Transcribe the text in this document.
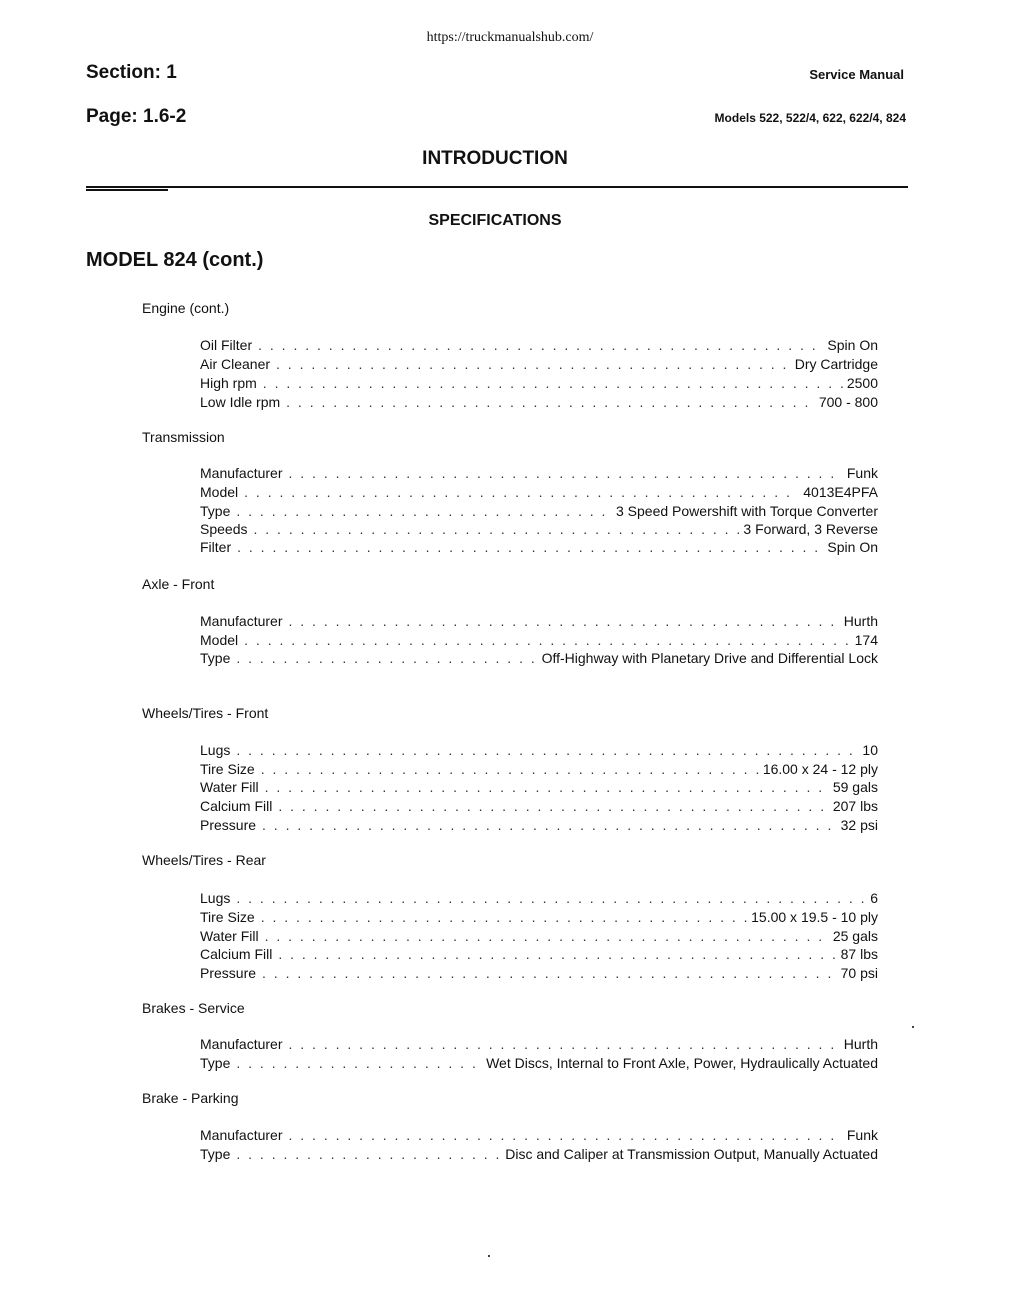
https://truckmanualshub.com/
Section: 1
Page: 1.6-2
Service Manual
Models 522, 522/4, 622, 622/4, 824
INTRODUCTION
SPECIFICATIONS
MODEL 824 (cont.)
Engine (cont.)
Oil Filter . . .	Spin On
Air Cleaner . . .	Dry Cartridge
High rpm . . .	2500
Low Idle rpm . . .	700 - 800
Transmission
Manufacturer . . .	Funk
Model . . .	4013E4PFA
Type . . .	3 Speed Powershift with Torque Converter
Speeds . . .	3 Forward, 3 Reverse
Filter . . .	Spin On
Axle - Front
Manufacturer . . .	Hurth
Model . . .	174
Type . . .	Off-Highway with Planetary Drive and Differential Lock
Wheels/Tires - Front
Lugs . . .	10
Tire Size . . .	16.00 x 24 - 12 ply
Water Fill . . .	59 gals
Calcium Fill . . .	207 lbs
Pressure . . .	32 psi
Wheels/Tires - Rear
Lugs . . .	6
Tire Size . . .	15.00 x 19.5 - 10 ply
Water Fill . . .	25 gals
Calcium Fill . . .	87 lbs
Pressure . . .	70 psi
Brakes - Service
Manufacturer . . .	Hurth
Type . . .	Wet Discs, Internal to Front Axle, Power, Hydraulically Actuated
Brake - Parking
Manufacturer . . .	Funk
Type . . .	Disc and Caliper at Transmission Output, Manually Actuated
